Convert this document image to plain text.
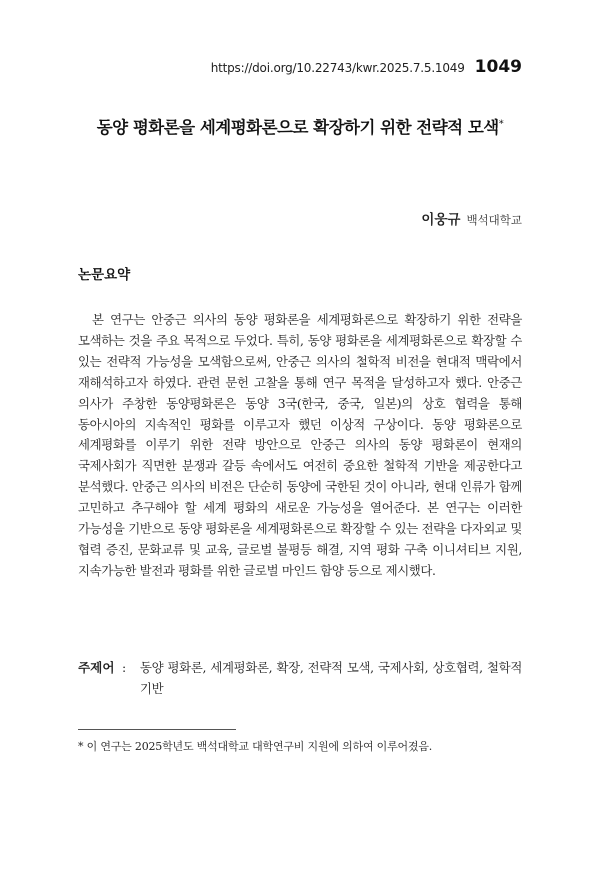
https://doi.org/10.22743/kwr.2025.7.5.1049 1049
동양 평화론을 세계평화론으로 확장하기 위한 전략적 모색*
이웅규 백석대학교
논문요약

본 연구는 안중근 의사의 동양 평화론을 세계평화론으로 확장하기 위한 전략을 모색하는 것을 주요 목적으로 두었다. 특히, 동양 평화론을 세계평화론으로 확장할 수 있는 전략적 가능성을 모색함으로써, 안중근 의사의 철학적 비전을 현대적 맥락에서 재해석하고자 하였다. 관련 문헌 고찰을 통해 연구 목적을 달성하고자 했다. 안중근 의사가 주창한 동양평화론은 동양 3국(한국, 중국, 일본)의 상호 협력을 통해 동아시아의 지속적인 평화를 이루고자 했던 이상적 구상이다. 동양 평화론으로 세계평화를 이루기 위한 전략 방안으로 안중근 의사의 동양 평화론이 현재의 국제사회가 직면한 분쟁과 갈등 속에서도 여전히 중요한 철학적 기반을 제공한다고 분석했다. 안중근 의사의 비전은 단순히 동양에 국한된 것이 아니라, 현대 인류가 함께 고민하고 추구해야 할 세계 평화의 새로운 가능성을 열어준다. 본 연구는 이러한 가능성을 기반으로 동양 평화론을 세계평화론으로 확장할 수 있는 전략을 다자외교 및 협력 증진, 문화교류 및 교육, 글로벌 불평등 해결, 지역 평화 구축 이니셔티브 지원, 지속가능한 발전과 평화를 위한 글로벌 마인드 함양 등으로 제시했다.

주제어 :	동양 평화론, 세계평화론, 확장, 전략적 모색, 국제사회, 상호협력, 철학적 기반
* 이 연구는 2025학년도 백석대학교 대학연구비 지원에 의하여 이루어졌음.
